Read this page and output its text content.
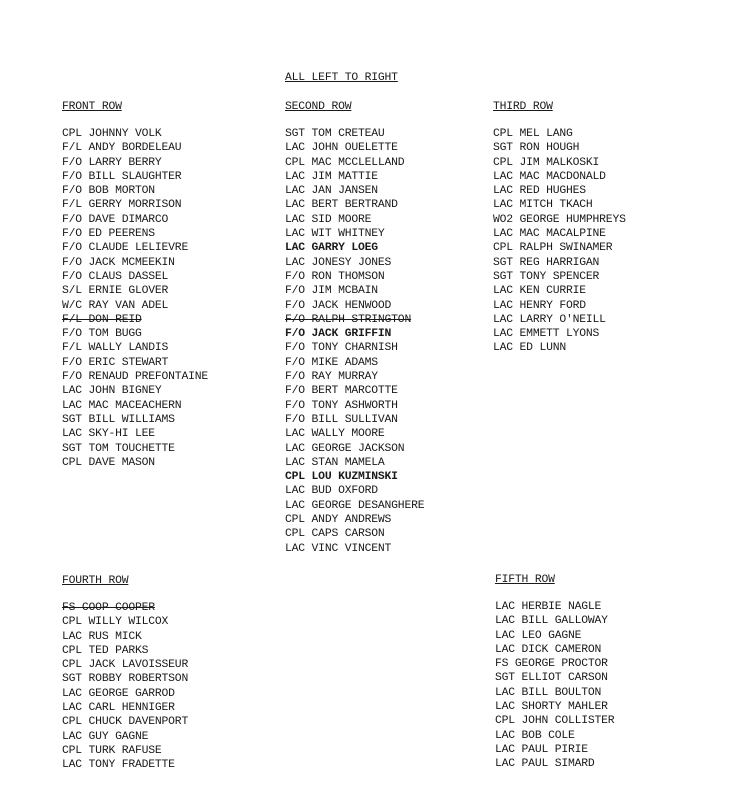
ALL LEFT TO RIGHT
FRONT ROW	SECOND ROW	THIRD ROW
CPL JOHNNY VOLK
F/L ANDY BORDELEAU
F/O LARRY BERRY
F/O BILL SLAUGHTER
F/O BOB MORTON
F/L GERRY MORRISON
F/O DAVE DIMARCO
F/O ED PEERENS
F/O CLAUDE LELIEVRE
F/O JACK MCMEEKIN
F/O CLAUS DASSEL
S/L ERNIE GLOVER
W/C RAY VAN ADEL
F/L DON REID
F/O TOM BUGG
F/L WALLY LANDIS
F/O ERIC STEWART
F/O RENAUD PREFONTAINE
LAC JOHN BIGNEY
LAC MAC MACEACHERN
SGT BILL WILLIAMS
LAC SKY-HI LEE
SGT TOM TOUCHETTE
CPL DAVE MASON
SGT TOM CRETEAU
LAC JOHN OUELETTE
CPL MAC MCCLELLAND
LAC JIM MATTIE
LAC JAN JANSEN
LAC BERT BERTRAND
LAC SID MOORE
LAC WIT WHITNEY
LAC GARRY LOEG
LAC JONESY JONES
F/O RON THOMSON
F/O JIM MCBAIN
F/O JACK HENWOOD
F/O RALPH STRINGTON
F/O JACK GRIFFIN
F/O TONY CHARNISH
F/O MIKE ADAMS
F/O RAY MURRAY
F/O BERT MARCOTTE
F/O TONY ASHWORTH
F/O BILL SULLIVAN
LAC WALLY MOORE
LAC GEORGE JACKSON
LAC STAN MAMELA
CPL LOU KUZMINSKI
LAC BUD OXFORD
LAC GEORGE DESANGHERE
CPL ANDY ANDREWS
CPL CAPS CARSON
LAC VINC VINCENT
CPL MEL LANG
SGT RON HOUGH
CPL JIM MALKOSKI
LAC MAC MACDONALD
LAC RED HUGHES
LAC MITCH TKACH
WO2 GEORGE HUMPHREYS
LAC MAC MACALPINE
CPL RALPH SWINAMER
SGT REG HARRIGAN
SGT TONY SPENCER
LAC KEN CURRIE
LAC HENRY FORD
LAC LARRY O'NEILL
LAC EMMETT LYONS
LAC ED LUNN
FOURTH ROW	FIFTH ROW
FS COOP COOPER
CPL WILLY WILCOX
LAC RUS MICK
CPL TED PARKS
CPL JACK LAVOISSEUR
SGT ROBBY ROBERTSON
LAC GEORGE GARROD
LAC CARL HENNIGER
CPL CHUCK DAVENPORT
LAC GUY GAGNE
CPL TURK RAFUSE
LAC TONY FRADETTE
LAC HERBIE NAGLE
LAC BILL GALLOWAY
LAC LEO GAGNE
LAC DICK CAMERON
FS GEORGE PROCTOR
SGT ELLIOT CARSON
LAC BILL BOULTON
LAC SHORTY MAHLER
CPL JOHN COLLISTER
LAC BOB COLE
LAC PAUL PIRIE
LAC PAUL SIMARD
